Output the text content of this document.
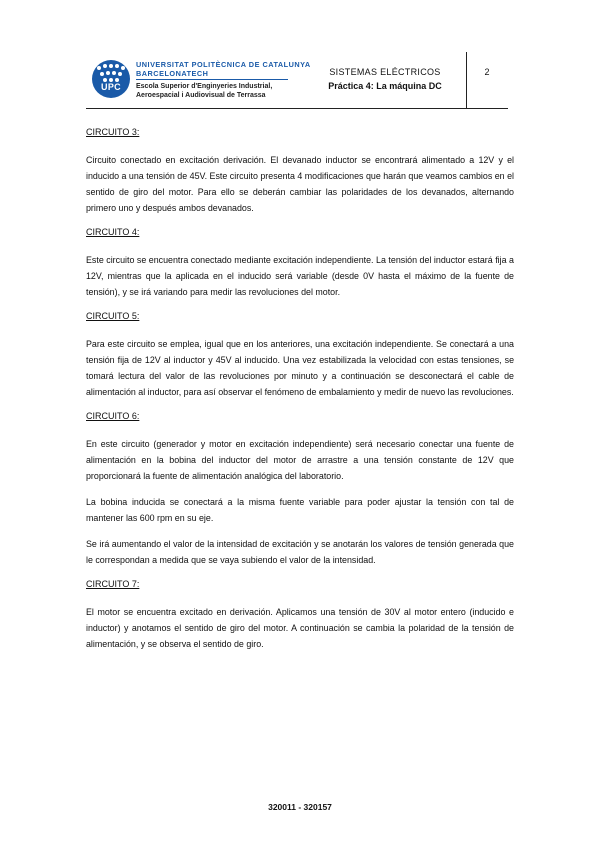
UPC
UNIVERSITAT POLITÈCNICA DE CATALUNYA
BARCELONATECH
Escola Superior d'Enginyeries Industrial,
Aeroespacial i Audiovisual de Terrassa
SISTEMAS ELÉCTRICOS
Práctica 4: La máquina DC
2
CIRCUITO 3:

Circuito conectado en excitación derivación. El devanado inductor se encontrará alimentado a 12V y el inducido a una tensión de 45V. Este circuito presenta 4 modificaciones que harán que veamos cambios en el sentido de giro del motor. Para ello se deberán cambiar las polaridades de los devanados, alternando primero uno y después ambos devanados.

CIRCUITO 4:

Este circuito se encuentra conectado mediante excitación independiente. La tensión del inductor estará fija a 12V, mientras que la aplicada en el inducido será variable (desde 0V hasta el máximo de la fuente de tensión), y se irá variando para medir las revoluciones del motor.

CIRCUITO 5:

Para este circuito se emplea, igual que en los anteriores, una excitación independiente. Se conectará a una tensión fija de 12V al inductor y 45V al inducido. Una vez estabilizada la velocidad con estas tensiones, se tomará lectura del valor de las revoluciones por minuto y a continuación se desconectará el cable de alimentación al inductor, para así observar el fenómeno de embalamiento y medir de nuevo las revoluciones.

CIRCUITO 6:

En este circuito (generador y motor en excitación independiente) será necesario conectar una fuente de alimentación en la bobina del inductor del motor de arrastre a una tensión constante de 12V que proporcionará la fuente de alimentación analógica del laboratorio.

La bobina inducida se conectará a la misma fuente variable para poder ajustar la tensión con tal de mantener las 600 rpm en su eje.

Se irá aumentando el valor de la intensidad de excitación y se anotarán los valores de tensión generada que le correspondan a medida que se vaya subiendo el valor de la intensidad.

CIRCUITO 7:

El motor se encuentra excitado en derivación. Aplicamos una tensión de 30V al motor entero (inducido e inductor) y anotamos el sentido de giro del motor. A continuación se cambia la polaridad de la tensión de alimentación, y se observa el sentido de giro.

320011 - 320157
